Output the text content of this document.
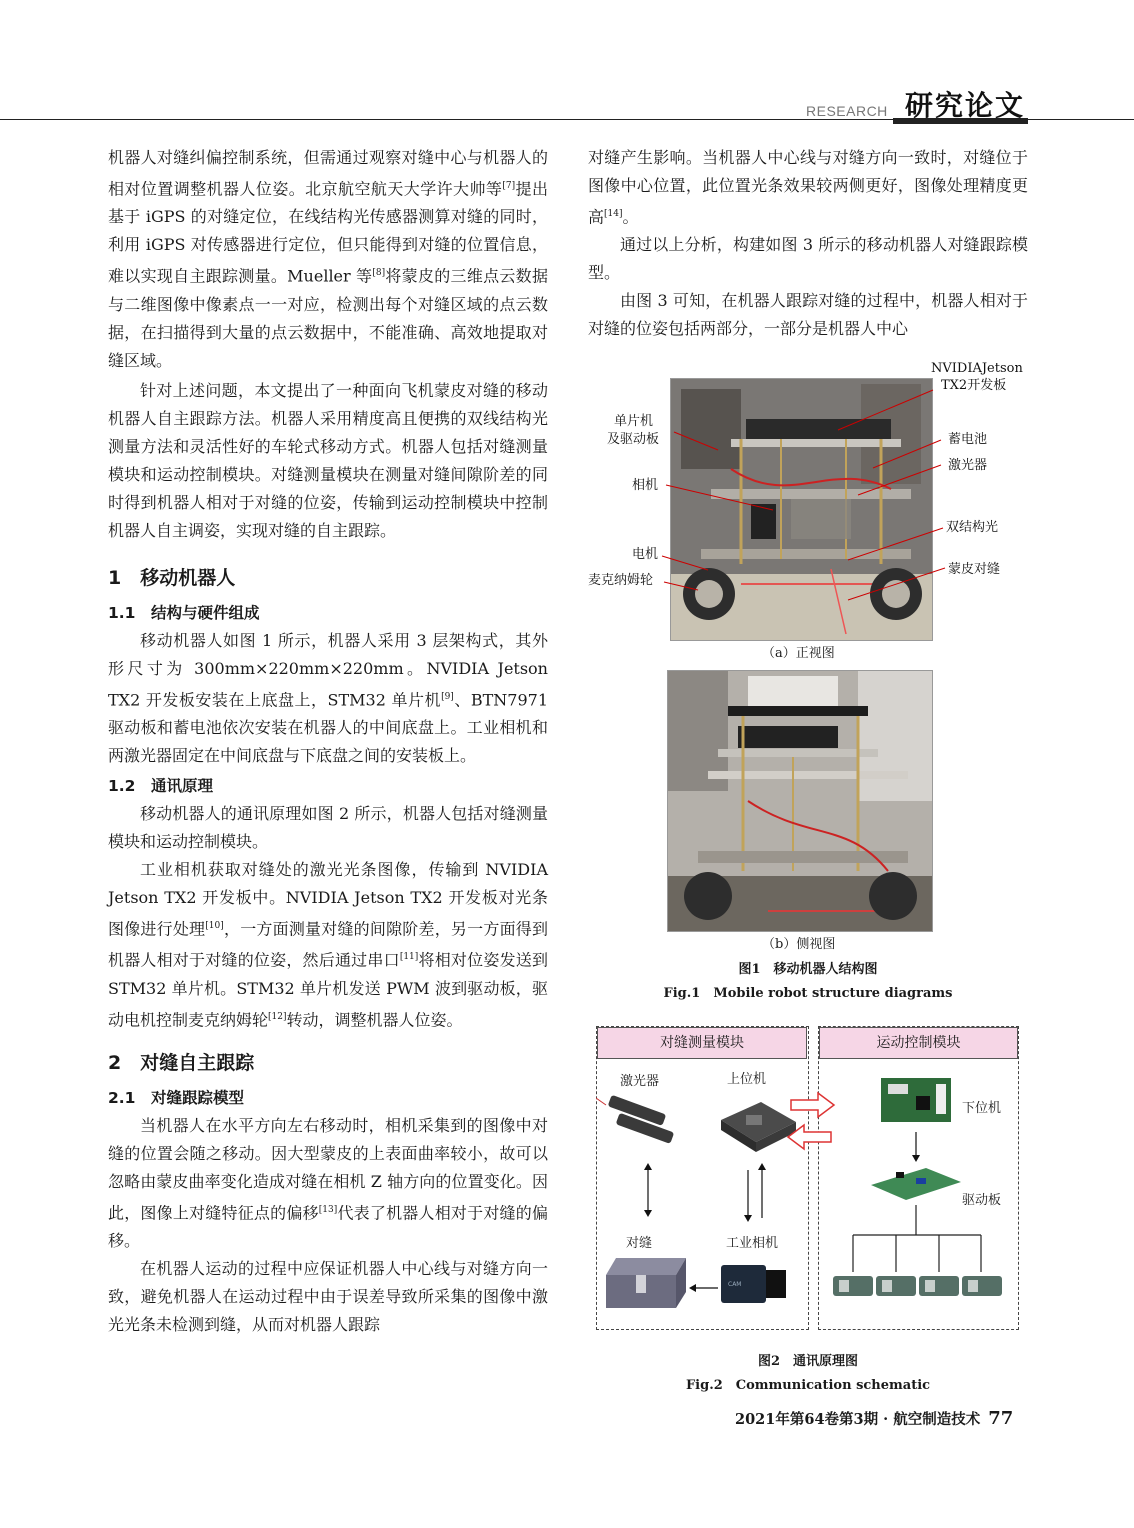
RESEARCH 研究论文

机器人对缝纠偏控制系统，但需通过观察对缝中心与机器人的相对位置调整机器人位姿。北京航空航天大学许大帅等[7]提出基于 iGPS 的对缝定位，在线结构光传感器测算对缝的同时，利用 iGPS 对传感器进行定位，但只能得到对缝的位置信息，难以实现自主跟踪测量。Mueller 等[8]将蒙皮的三维点云数据与二维图像中像素点一一对应，检测出每个对缝区域的点云数据，在扫描得到大量的点云数据中，不能准确、高效地提取对缝区域。

针对上述问题，本文提出了一种面向飞机蒙皮对缝的移动机器人自主跟踪方法。机器人采用精度高且便携的双线结构光测量方法和灵活性好的车轮式移动方式。机器人包括对缝测量模块和运动控制模块。对缝测量模块在测量对缝间隙阶差的同时得到机器人相对于对缝的位姿，传输到运动控制模块中控制机器人自主调姿，实现对缝的自主跟踪。

1　移动机器人
1.1　结构与硬件组成

移动机器人如图 1 所示，机器人采用 3 层架构式，其外形尺寸为 300mm×220mm×220mm。NVIDIA Jetson TX2 开发板安装在上底盘上，STM32 单片机[9]、BTN7971 驱动板和蓄电池依次安装在机器人的中间底盘上。工业相机和两激光器固定在中间底盘与下底盘之间的安装板上。

1.2　通讯原理

移动机器人的通讯原理如图 2 所示，机器人包括对缝测量模块和运动控制模块。

工业相机获取对缝处的激光光条图像，传输到 NVIDIA Jetson TX2 开发板中。NVIDIA Jetson TX2 开发板对光条图像进行处理[10]，一方面测量对缝的间隙阶差，另一方面得到机器人相对于对缝的位姿，然后通过串口[11]将相对位姿发送到 STM32 单片机。STM32 单片机发送 PWM 波到驱动板，驱动电机控制麦克纳姆轮[12]转动，调整机器人位姿。

2　对缝自主跟踪
2.1　对缝跟踪模型

当机器人在水平方向左右移动时，相机采集到的图像中对缝的位置会随之移动。因大型蒙皮的上表面曲率较小，故可以忽略由蒙皮曲率变化造成对缝在相机 Z 轴方向的位置变化。因此，图像上对缝特征点的偏移[13]代表了机器人相对于对缝的偏移。

在机器人运动的过程中应保证机器人中心线与对缝方向一致，避免机器人在运动过程中由于误差导致所采集的图像中激光光条未检测到缝，从而对机器人跟踪

对缝产生影响。当机器人中心线与对缝方向一致时，对缝位于图像中心位置，此位置光条效果较两侧更好，图像处理精度更高[14]。

通过以上分析，构建如图 3 所示的移动机器人对缝跟踪模型。

由图 3 可知，在机器人跟踪对缝的过程中，机器人相对于对缝的位姿包括两部分，一部分是机器人中心

NVIDIAJetson
TX2开发板
单片机
及驱动板	蓄电池
激光器
相机
双结构光
电机
蒙皮对缝
麦克纳姆轮
（a）正视图
（b）侧视图
图1　移动机器人结构图
Fig.1　Mobile robot structure diagrams
对缝测量模块	运动控制模块
激光器	上位机
下位机
驱动板
对缝	工业相机
CAM
图2　通讯原理图
Fig.2　Communication schematic
2021年第64卷第3期 · 航空制造技术 77
